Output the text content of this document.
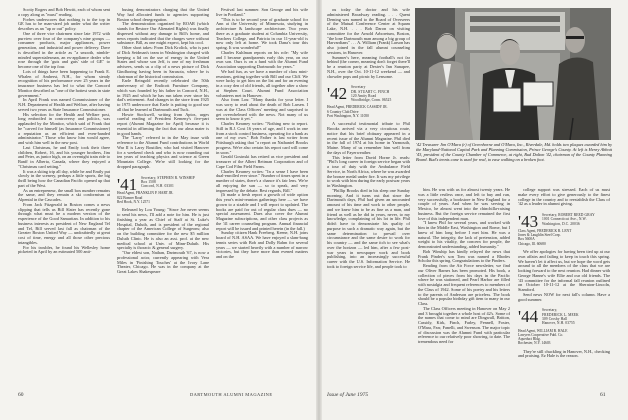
Scotty Rogers and Bob Hewitt, each of whom sent a copy along as "must" reading.

Forbes underscores that nothing is to the top in GE has to be man-sized job under what the writer describes as an "up or out" policy.

One of three vice chairmen since late 1972 with purview over four of the company's nine groups — consumer products, major appliances, power generation, and industrial and power delivery. Dave is described in the article as "a smooth, nimble-minded superstalesman, an ex-appliance dealer who rose through the 'guts and guts' side of GE" to become one of the top four.

Lots of things have been happening to Frank E. Whalen of Amherst, N.H., for whom steady recognition of his performance over 25 years in the insurance business has led to what the Concord Monitor described as "one of the hottest seats in state government."

In April Frank was named Commissioner of the N.H. Department of Health and Welfare, after having served two years as State Insurance Commissioner.

His selection for the Health and Welfare post, long embroiled in controversy and politics, was applauded by the Monitor, which said of Frank that he "carved for himself (as Insurance Commissioner) a reputation as an efficient and even-handed administrator." Those who know him would agree, and wish him well in the new post.

Last Christmas, he and Emily took their three children, Robert, 16, and his younger brothers, Jim and Peter, as junior high, on an overnight train ride to Banff in Alberta, Canada, where they enjoyed a "Christmas card setting."

It was a skiing trip all day, while he and Emily put slowly in the scenery, perhaps a little sports, the big thrill being how the Canadian Pacific opened up that part of the West.

As an entrepreneur, the small box number remains the same, and they remain a ski conformism at Alpental in the Cascades.

From Jack Fitzgerald in Boston comes a news clipping that tells us Bill Slater has recently gone through what must be a modern version of the experience of the Good Samaritan. In addition to his business interests as president of New England Tel and Tel, Bill served last fall as chairman of the Greater Boston United Way — undoubtedly at great cost of time, energy and all those other precious intangibles.

For his troubles, he found his Wellesley home picketed in April by an estimated 500 anti-

busing demonstrators charging that the United Way had allocated funds to agencies supporting Boston school desegregation.

The demonstration organized by ROAR (which stands for Restore Our Alienated Rights) was finally dispersed without any damage to Bill's home, and news reports indicated that the charges were without substance. Bill, as one might expect, kept his cool.

Other short takes: From Dick Krolick, who is part of Dick Seidman's team in Washington charged with keeping a lid on the use of energy in the United States and whose son Jeff, is one of my freshman advisees, sends us a clip of a news picture of Dick Gindhoring having been in Sarasota, where he is chairman of the historical commission.

Earle Reingold recently celebrated the 50th anniversary of the Endicott Furniture Company, which was founded by his father in Concord, N.H., in 1925 and which he has run taken over since his dad's retirement. And changes in the store from 1925 to 1975 underscore that Earle is putting to good use all that he learned at Dartmouth and Tuck.

Howie Stockwell, writing from Aptos, urges careful reading of President Kemeny's five-part report (Alumni Magazine for April) because it is essential in affirming the fact that our alma mater is in good hands.

The "Larry" referred to in the May issue with reference to the Alumni Fund contributions in World War II is Larry Boutilier, who had visited Hanover for a weekend check and who is now rounding out ten years of teaching physics and science at Green Mountain College. We're still looking for the dropped paragraph.

'41 Secretary, STEPHEN R. WINSHIP
Box 1508
Concord, N.H. 03301
Head Agent, FRANKLIN P. HART JR.
822 Bonner Road
Red Hook, N.Y. 12571

Released by Lou Young: "Since Joe never seems to send his news, I'll add a note for him. He is just finishing a year as Chief of Staff at St. Luke's Hospital, Duluth, and is president of the regional chapter of the American College of Surgeons; also on the building committee for the new $5 million Duluth Clinic. He is also an asst. prof. at the new medical school at Univ. of Minn-Duluth. His specialty is thoracic & general surgery.

"Our eldest son, Nathan, Dartmouth '67, is now a professional actor, currently appearing with Vera Miles in 'Finishing Touches' at the Ivory Lane Theater, Chicago. He was in the company at the Great Lakes Shakespeare

Festival last summer. Son George and his wife live in Portland."

"This is to be second year of graduate school for Ann at the University of Minnesota, studying in architecture & landscape architecture. Two years there as a graduate student at Columbia University, Teachers College, and Patricia in our 11-year-old is now only left at home. We took Dana's tour this spring. It was wonderful!"

Charles Kuhlman reports on his role: "My wife and I became grandparents early this year, on our own son. Ours is on a fund with the Alumni Fund Association supporting Dartmouth for years."

We had fun, as we have a number of class mini-reunions, getting together with Bill and our Cliff. We were lucky to get him on the list and for an evening in a cozy den of old friends, all together after a show at Stephen Court. Alumni Fund Association volunteers met in Hanover.

Also from Lou: "Many thanks for your letter. I was sorry to read about the death of Bob Larsen. I was at the Class Officers' meeting and surprised to get overwhelmed with the news. Not many of us seem to know it yet."

Charles Kearney writes: "Nothing new to report. Still in B.J. Cost 16 years of age, and I work in one from a stock control business, operating for a bank as one of my own." Bob Father is last writer from Pittsburgh asking that "a report on Nathaniel Brooks progress. We're also certain his report card will come in soon."

Gerald Gosinski has retired as vice president and treasurer of the Albert Reitman Corporation and of Cape Cod Film Field Farms.

Charles Kearney writes: "In a sense I have been dual-enrolled ever since." Number of times spent in a number of states, there's a chance it's fair lens. We're all enjoying the sun — so to speak, and very impressed by the debate. Best regards, Bill."

(It made a fresh report a growth of wide option this year's mini-reunion gatherings here — we have grown to a sizable and I will report to updated. The books are paid for out of regular class dues — no special assessment. Dues also cover the Alumni Magazine subscriptions, and other class projects as the '41 career counseling program. Annual financial report will be issued and printed herein (in the fall.)

Sunday citizen Hank Freeberg, Keene, N.H. joins board of N.H. ASAA. We have enjoyed a slam-bang tennis series with Bob and Dolly Rahm for several years — we started heavily with a number of narrow victories, but they have more than evened matters and on the

ou today the doctor and his wife administered Broadway reading. . . . Quent Deming was named to the Board of Overseers of the Mutual Conference Center at Squam Lake, N.H. . . . Bob Daron on visiting committee for the Arnold Arboretum, Boston, "the lone Dartmouth man among a big group of Harvardians" . . . A. William (Frank) Larson has also joined in the fall alumni counseling sessions, in Hanover.

Summer's here, meaning football's not far behind (the corner, meaning don't forget there'll be a reunion party at Dexter's Inn Sunapee, N.H., over the Oct. 10-11-12 weekend — and chowder pops and picnic by Lensome.

'42 Secretary
DR. STUART C. FINCH
120 Amity Road
Woodbridge, Conn. 06525
Head Agent, FREDERICK CASSIDY JR.
6 Country Club Drive
Port Washington, N.Y. 11050

A successful testimonial tribute to Phil Brooks arrived via a very circuitous route, notice that his brief obituary appeared in a recent issue of the Alumni Magazine. Phil died in the fall of 1974 at his home in Yarmouth, Maine. Many of us remember him well from the days of Fayerweather.

This letter from David Horne Jr. reads: "Phil's long career in foreign service began with a tour of duty with the Ambulance Field Service, in North Africa, where he was awarded the bronze medal under fire. It was my privilege to work with him during the early postwar years in Washington.

"Phillip Brooks died in his sleep one Sunday morning. And it turns out that since the Dartmouth days, Phil had given an uncounted amount of his time and work to other people, and we knew him to be as fine as a man, and friend as well as he did in years, never, to my knowledge, complaining of his lot in life. Phil didn't have to demonstrate his quality of purpose in such a dramatic way again, but the same determination to prevail over circumstance and the same desire to work for his country — and the same itch to see what's over the horizon — led him, after a few post-war years in newspaper work and book publishing, into an increasingly successful career with the U.S. Information Service. He took to foreign service life, and people took to

him. He was with us for almost twenty years. He was a little restless once, and left to buy and run, very successfully, a bookstore in New England for a couple of years. And when he was serving in Mexico, he almost went into the chinchilla-raising business. But the foreign service remained the first love of this independent man.

"I knew Phil for several years, and worked with him in the Middle East, Washington and Rome, but I knew of him long before I met him. He was a natural. The integrity, the lack of pretension, added weight to his vitality, the concern for people, the demonstrated understanding, added humanity."

Bob Winship has kindly relayed the news that Frank Pinder's son Tom was named a Rhodes Scholar this spring. Congratulations to the Pinders.

Reading from the Air Force newsletter, we find our Oliver Barnes has been promoted. His book, a collection of pieces from his days in the Pacific where he was stationed, and Pearl Harbor are filled with nostalgia and frequent references to members of the Class of 1942. Some of his poetry and his letters to the parents of Anderson are priceless. The book should be a popular birthday gift item to many in our Class.

The Class Officers meeting in Hanover on May 2 and 3 brought together a whole host of 42's. Some of the names that come to mind are Dingwall, Britton, Cassidy, Kirk, Finch, Farley, Fennell, Foster, O'Mara, Farr, Fanelli, and Swenson. The major topic of discussion was the Alumni Fund with particular reference to our relatively poor showing, to date. The tremendous need for

college support was stressed. Each of us must make every effort to give generously to the finest college in the country and to reestablish the Class of '42 as a leader in alumni giving.

'43 Secretary, ROBERT REED GRAY
1001 Connecticut Ave., N.W.
Washington, D.C. 20036
Class Agent, FREDERICK R. LENT
Jones & Laughlin Steel Corp.
Box 5600A
Chicago, Ill. 60680

We offer apologies for having been tied up at our own affairs and failing to keep in touch this spring. We haven't let it affect us, but we hope the word gets around to all the members of the class that we are looking forward to the next reunion. Had dinner with George Hanne's wife Ellie and our old friends. The '43 committee for the informal fall reunion outlined on October 10-11-12 at the Sheraton-Lincoln, Stamford.

Send news NOW for next fall's column. Have a good summer.

'44 Secretary,
FREDERICK L. MEEK
309 Crosby Hall
Hanover, N.H. 03755
Head Agent, WILLIAM B. HALE
Lawyers Cooperative Publ. Co.
Aqueduct Bldg.
Rochester, N.Y. 14603

They're still chuckling in Hanover, N.H., checking and praising. Ez Hale is the reason.

'42 Treasurer Jim O'Mara (r) of Greenhorne and O'Mara, Inc., Riverdale, Md. holds two plaques awarded him by the Maryland-National Capital Park and Planning Commission, Prince George's County. At left is Henry Abbott '43, president of the County Chamber of Commerce, at right, Bud Dalton '42, chairman of the County Planning Board. Bud's tennis cane is used for real, to ease walking on a broken foot.
60	DARTMOUTH ALUMNI MAGAZINE	Issue of June 1975	61
